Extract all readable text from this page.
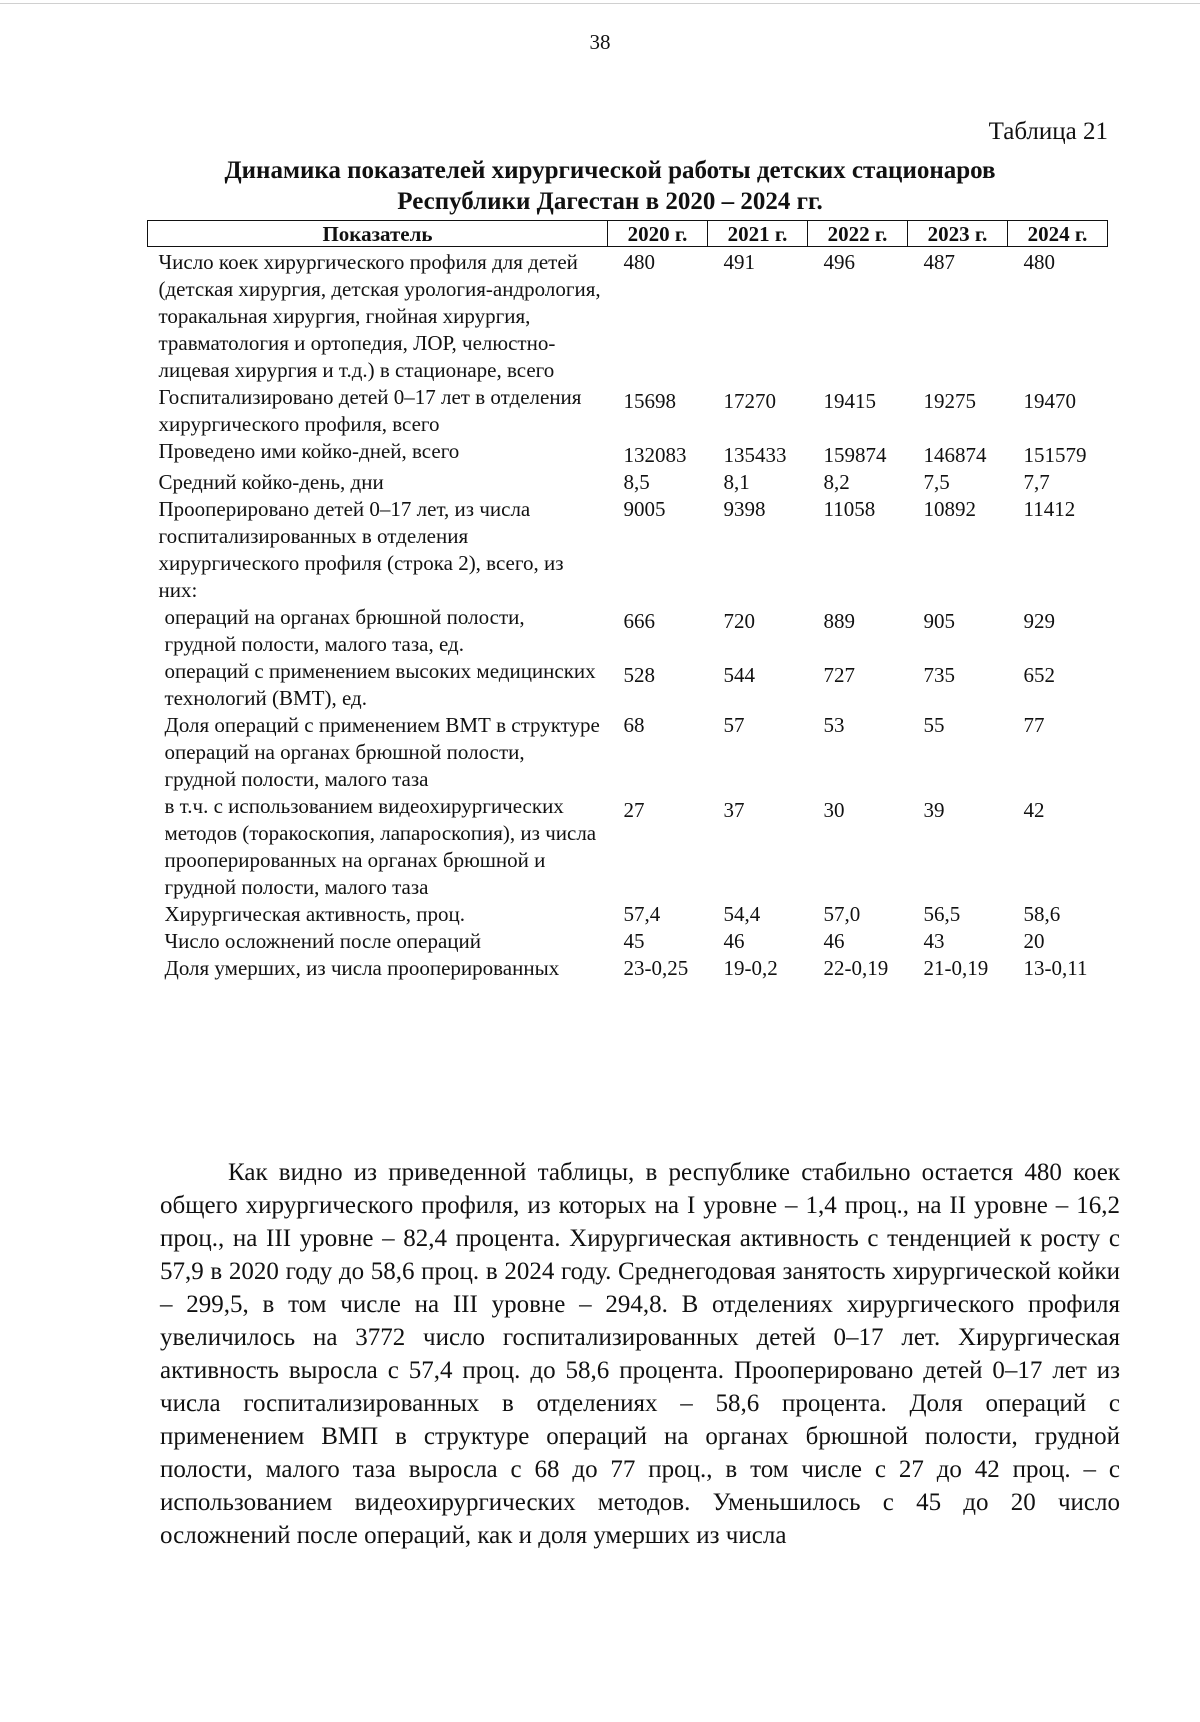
38
Таблица 21
Динамика показателей хирургической работы детских стационаров
Республики Дагестан в 2020 – 2024 гг.
Показатель	2020 г.	2021 г.	2022 г.	2023 г.	2024 г.
Число коек хирургического профиля для детей (детская хирургия, детская урология-андрология, торакальная хирургия, гнойная хирургия, травматология и ортопедия, ЛОР, челюстно-лицевая хирургия и т.д.) в стационаре, всего	480	491	496	487	480
Госпитализировано детей 0–17 лет в отделения хирургического профиля, всего	15698	17270	19415	19275	19470
Проведено ими койко-дней, всего	132083	135433	159874	146874	151579
Средний койко-день, дни	8,5	8,1	8,2	7,5	7,7
Прооперировано детей 0–17 лет, из числа госпитализированных в отделения хирургического профиля (строка 2), всего, из них:	9005	9398	11058	10892	11412
операций на органах брюшной полости, грудной полости, малого таза, ед.	666	720	889	905	929
операций с применением высоких медицинских технологий (ВМТ), ед.	528	544	727	735	652
Доля операций с применением ВМТ в структуре операций на органах брюшной полости, грудной полости, малого таза	68	57	53	55	77
в т.ч. с использованием видеохирургических методов (торакоскопия, лапароскопия), из числа прооперированных на органах брюшной и грудной полости, малого таза	27	37	30	39	42
Хирургическая активность, проц.	57,4	54,4	57,0	56,5	58,6
Число осложнений после операций	45	46	46	43	20
Доля умерших, из числа прооперированных	23-0,25	19-0,2	22-0,19	21-0,19	13-0,11

Как видно из приведенной таблицы, в республике стабильно остается 480 коек общего хирургического профиля, из которых на I уровне – 1,4 проц., на II уровне – 16,2 проц., на III уровне – 82,4 процента. Хирургическая активность с тенденцией к росту с 57,9 в 2020 году до 58,6 проц. в 2024 году. Среднегодовая занятость хирургической койки – 299,5, в том числе на III уровне – 294,8. В отделениях хирургического профиля увеличилось на 3772 число госпитализированных детей 0–17 лет. Хирургическая активность выросла с 57,4 проц. до 58,6 процента. Прооперировано детей 0–17 лет из числа госпитализированных в отделениях – 58,6 процента. Доля операций с применением ВМП в структуре операций на органах брюшной полости, грудной полости, малого таза выросла с 68 до 77 проц., в том числе с 27 до 42 проц. – с использованием видеохирургических методов. Уменьшилось с 45 до 20 число осложнений после операций, как и доля умерших из числа
